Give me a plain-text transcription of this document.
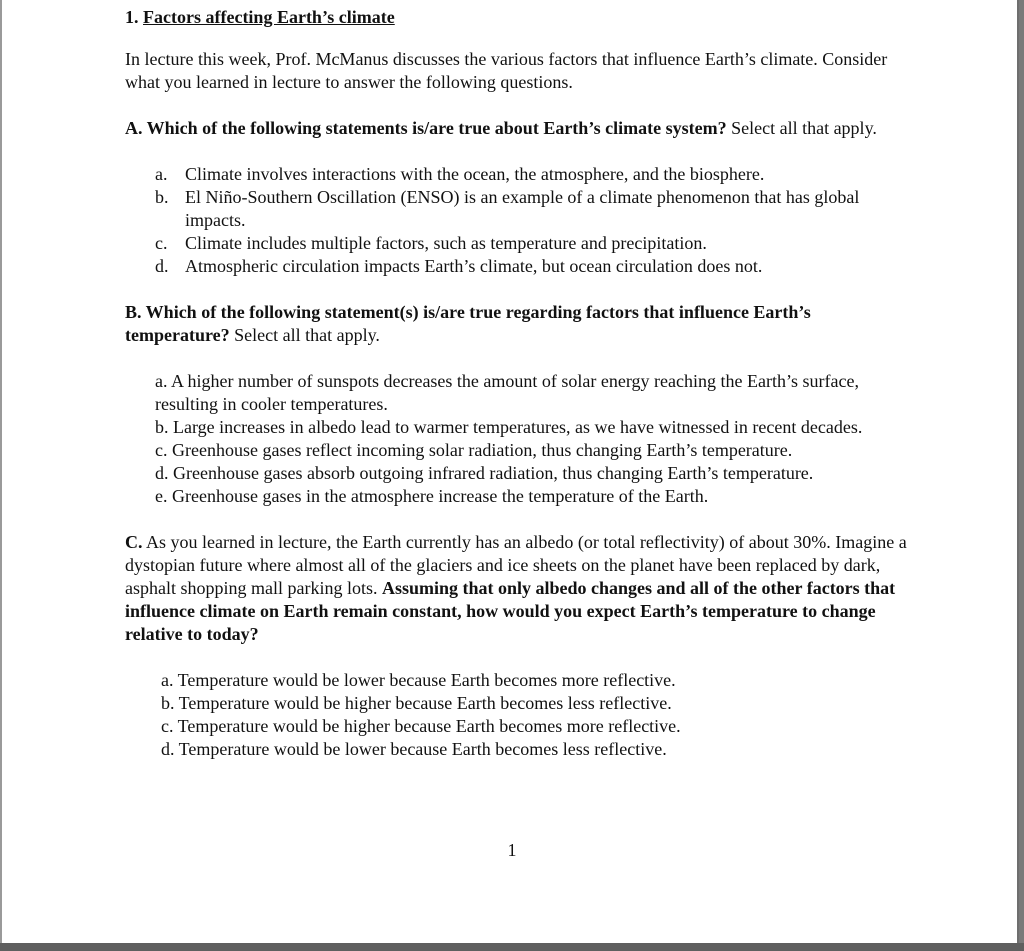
1. Factors affecting Earth’s climate

In lecture this week, Prof. McManus discusses the various factors that influence Earth’s climate. Consider what you learned in lecture to answer the following questions.

A. Which of the following statements is/are true about Earth’s climate system? Select all that apply.

a. Climate involves interactions with the ocean, the atmosphere, and the biosphere.
b. El Niño-Southern Oscillation (ENSO) is an example of a climate phenomenon that has global impacts.
c. Climate includes multiple factors, such as temperature and precipitation.
d. Atmospheric circulation impacts Earth’s climate, but ocean circulation does not.

B. Which of the following statement(s) is/are true regarding factors that influence Earth’s temperature? Select all that apply.

a. A higher number of sunspots decreases the amount of solar energy reaching the Earth’s surface, resulting in cooler temperatures.
b. Large increases in albedo lead to warmer temperatures, as we have witnessed in recent decades.
c. Greenhouse gases reflect incoming solar radiation, thus changing Earth’s temperature.
d. Greenhouse gases absorb outgoing infrared radiation, thus changing Earth’s temperature.
e. Greenhouse gases in the atmosphere increase the temperature of the Earth.

C. As you learned in lecture, the Earth currently has an albedo (or total reflectivity) of about 30%. Imagine a dystopian future where almost all of the glaciers and ice sheets on the planet have been replaced by dark, asphalt shopping mall parking lots. Assuming that only albedo changes and all of the other factors that influence climate on Earth remain constant, how would you expect Earth’s temperature to change relative to today?

a. Temperature would be lower because Earth becomes more reflective.
b. Temperature would be higher because Earth becomes less reflective.
c. Temperature would be higher because Earth becomes more reflective.
d. Temperature would be lower because Earth becomes less reflective.
1
